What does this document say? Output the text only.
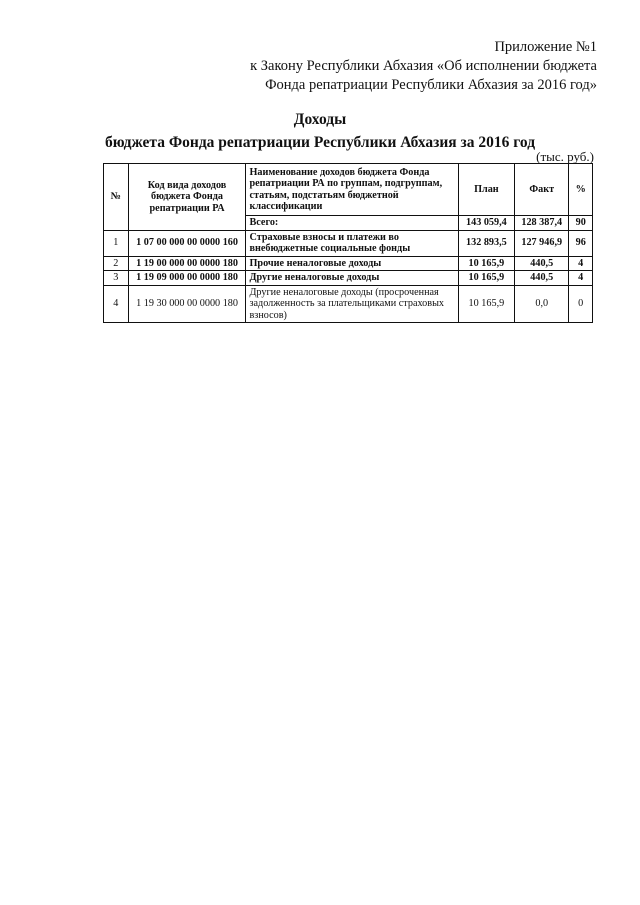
Приложение №1
к Закону Республики Абхазия «Об исполнении бюджета
Фонда репатриации Республики Абхазия за 2016 год»
Доходы
бюджета Фонда репатриации Республики Абхазия за 2016 год
(тыс. руб.)
№	Код вида доходов бюджета Фонда репатриации РА	Наименование доходов бюджета Фонда репатриации РА по группам, подгруппам, статьям, подстатьям бюджетной классификации	План	Факт	%
		Всего:	143 059,4	128 387,4	90
1	1 07 00 000 00 0000 160	Страховые взносы и платежи во внебюджетные социальные фонды	132 893,5	127 946,9	96
2	1 19 00 000 00 0000 180	Прочие неналоговые доходы	10 165,9	440,5	4
3	1 19 09 000 00 0000 180	Другие неналоговые доходы	10 165,9	440,5	4
4	1 19 30 000 00 0000 180	Другие неналоговые доходы (просроченная задолженность за плательщиками страховых взносов)	10 165,9	0,0	0
